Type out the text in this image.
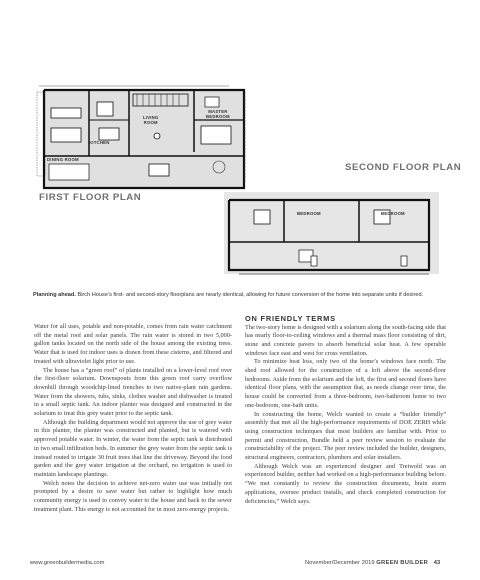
FIRST FLOOR PLAN
SECOND FLOOR PLAN
LIVING
ROOM
KITCHEN
DINING ROOM
MASTER
BEDROOM
BEDROOM	BEDROOM
Planning ahead. Birch House’s first- and second-story floorplans are nearly identical, allowing for future conversion of the home into separate units if desired.

Water for all uses, potable and non-potable, comes from rain water catchment off the metal roof and solar panels. The rain water is stored in two 5,000-gallon tanks located on the north side of the house among the existing trees. Water that is used for indoor uses is drawn from these cisterns, and filtered and treated with ultraviolet light prior to use.

The house has a “green roof” of plants installed on a lower-level roof over the first-floor solarium. Downspouts from this green roof carry overflow downhill through woodchip-lined trenches to two native-plant rain gardens. Water from the showers, tubs, sinks, clothes washer and dishwasher is treated in a small septic tank. An indoor planter was designed and constructed in the solarium to treat this grey water prior to the septic tank.

Although the building department would not approve the use of grey water in this planter, the planter was constructed and planted, but is watered with approved potable water. In winter, the water from the septic tank is distributed in two small infiltration beds. In summer the grey water from the septic tank is instead routed to irrigate 30 fruit trees that line the driveway. Beyond the food garden and the grey water irrigation at the orchard, no irrigation is used to maintain landscape plantings.

Welch notes the decision to achieve net-zero water use was initially not prompted by a desire to save water but rather to highlight how much community energy is used to convey water to the house and back to the sewer treatment plant. This energy is not accounted for in most zero energy projects.

ON FRIENDLY TERMS

The two-story home is designed with a solarium along the south-facing side that has nearly floor-to-ceiling windows and a thermal mass floor consisting of dirt, stone and concrete pavers to absorb beneficial solar heat. A few operable windows face east and west for cross ventilation.

To minimize heat loss, only two of the home’s windows face north. The shed roof allowed for the construction of a loft above the second-floor bedrooms. Aside from the solarium and the loft, the first and second floors have identical floor plans, with the assumption that, as needs change over time, the house could be converted from a three-bedroom, two-bathroom home to two one-bedroom, one-bath units.

In constructing the home, Welch wanted to create a “builder friendly” assembly that met all the high-performance requirements of DOE ZERH while using construction techniques that most builders are familiar with. Prior to permit and construction, Bundle held a peer review session to evaluate the constructability of the project. The peer review included the builder, designers, structural engineers, contractors, plumbers and solar installers.

Although Welch was an experienced designer and Tretwold was an experienced builder, neither had worked on a high-performance building before. “We met constantly to review the construction documents, brain storm applications, oversee product installs, and check completed construction for deficiencies,” Welch says.

www.greenbuildermedia.com	November/December 2019 GREEN BUILDER 43
